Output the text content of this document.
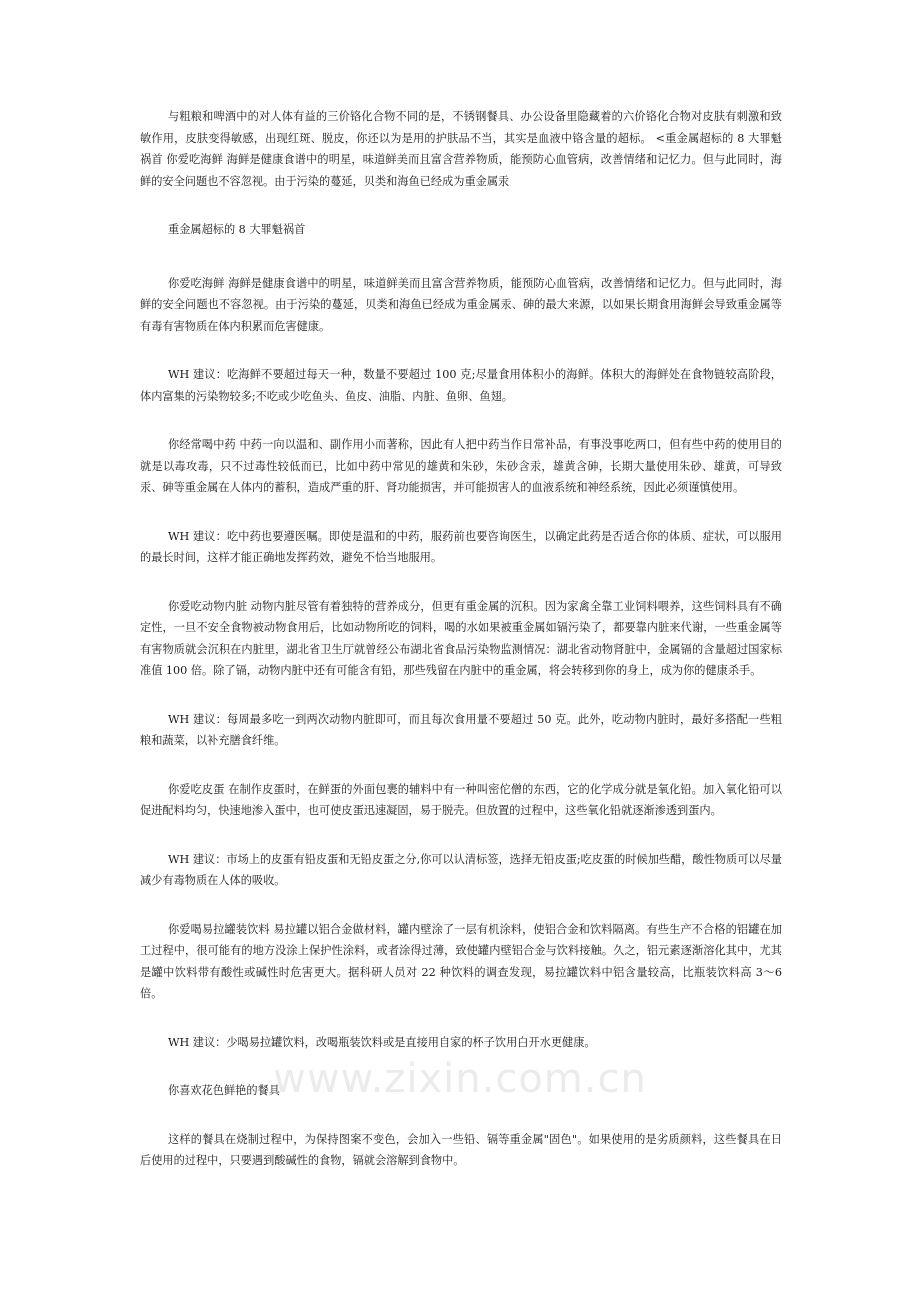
与粗粮和啤酒中的对人体有益的三价铬化合物不同的是，不锈钢餐具、办公设备里隐藏着的六价铬化合物对皮肤有刺激和致敏作用，皮肤变得敏感，出现红斑、脱皮，你还以为是用的护肤品不当，其实是血液中铬含量的超标。 <重金属超标的 8 大罪魁祸首 你爱吃海鲜 海鲜是健康食谱中的明星，味道鲜美而且富含营养物质，能预防心血管病，改善情绪和记忆力。但与此同时，海鲜的安全问题也不容忽视。由于污染的蔓延，贝类和海鱼已经成为重金属汞

重金属超标的 8 大罪魁祸首

你爱吃海鲜 海鲜是健康食谱中的明星，味道鲜美而且富含营养物质，能预防心血管病，改善情绪和记忆力。但与此同时，海鲜的安全问题也不容忽视。由于污染的蔓延，贝类和海鱼已经成为重金属汞、砷的最大来源，以如果长期食用海鲜会导致重金属等有毒有害物质在体内积累而危害健康。

WH 建议：吃海鲜不要超过每天一种，数量不要超过 100 克;尽量食用体积小的海鲜。体积大的海鲜处在食物链较高阶段，体内富集的污染物较多;不吃或少吃鱼头、鱼皮、油脂、内脏、鱼卵、鱼翅。

你经常喝中药 中药一向以温和、副作用小而著称，因此有人把中药当作日常补品，有事没事吃两口，但有些中药的使用目的就是以毒攻毒，只不过毒性较低而已，比如中药中常见的雄黄和朱砂，朱砂含汞，雄黄含砷，长期大量使用朱砂、雄黄，可导致汞、砷等重金属在人体内的蓄积，造成严重的肝、肾功能损害，并可能损害人的血液系统和神经系统，因此必须谨慎使用。

WH 建议：吃中药也要遵医嘱。即使是温和的中药，服药前也要咨询医生，以确定此药是否适合你的体质、症状，可以服用的最长时间，这样才能正确地发挥药效，避免不恰当地服用。

你爱吃动物内脏 动物内脏尽管有着独特的营养成分，但更有重金属的沉积。因为家禽全靠工业饲料喂养，这些饲料具有不确定性，一旦不安全食物被动物食用后，比如动物所吃的饲料，喝的水如果被重金属如镉污染了，都要靠内脏来代谢，一些重金属等有害物质就会沉积在内脏里，湖北省卫生厅就曾经公布湖北省食品污染物监测情况：湖北省动物肾脏中，金属镉的含量超过国家标准值 100 倍。除了镉，动物内脏中还有可能含有铅，那些残留在内脏中的重金属，将会转移到你的身上，成为你的健康杀手。

WH 建议：每周最多吃一到两次动物内脏即可，而且每次食用量不要超过 50 克。此外，吃动物内脏时，最好多搭配一些粗粮和蔬菜，以补充膳食纤维。

你爱吃皮蛋 在制作皮蛋时，在鲜蛋的外面包裹的辅料中有一种叫密佗僧的东西，它的化学成分就是氧化铅。加入氧化铅可以促进配料均匀，快速地渗入蛋中，也可使皮蛋迅速凝固，易于脱壳。但放置的过程中，这些氧化铅就逐渐渗透到蛋内。

WH 建议：市场上的皮蛋有铅皮蛋和无铅皮蛋之分,你可以认清标签，选择无铅皮蛋;吃皮蛋的时候加些醋，酸性物质可以尽量减少有毒物质在人体的吸收。

你爱喝易拉罐装饮料 易拉罐以铝合金做材料，罐内壁涂了一层有机涂料，使铝合金和饮料隔离。有些生产不合格的铝罐在加工过程中，很可能有的地方没涂上保护性涂料，或者涂得过薄，致使罐内壁铝合金与饮料接触。久之，铝元素逐渐溶化其中，尤其是罐中饮料带有酸性或碱性时危害更大。据科研人员对 22 种饮料的调查发现，易拉罐饮料中铝含量较高，比瓶装饮料高 3～6 倍。

WH 建议：少喝易拉罐饮料，改喝瓶装饮料或是直接用自家的杯子饮用白开水更健康。

你喜欢花色鲜艳的餐具

这样的餐具在烧制过程中，为保持图案不变色，会加入一些铅、镉等重金属"固色"。如果使用的是劣质颜料，这些餐具在日后使用的过程中，只要遇到酸碱性的食物，镉就会溶解到食物中。

www.zixin.com.cn
